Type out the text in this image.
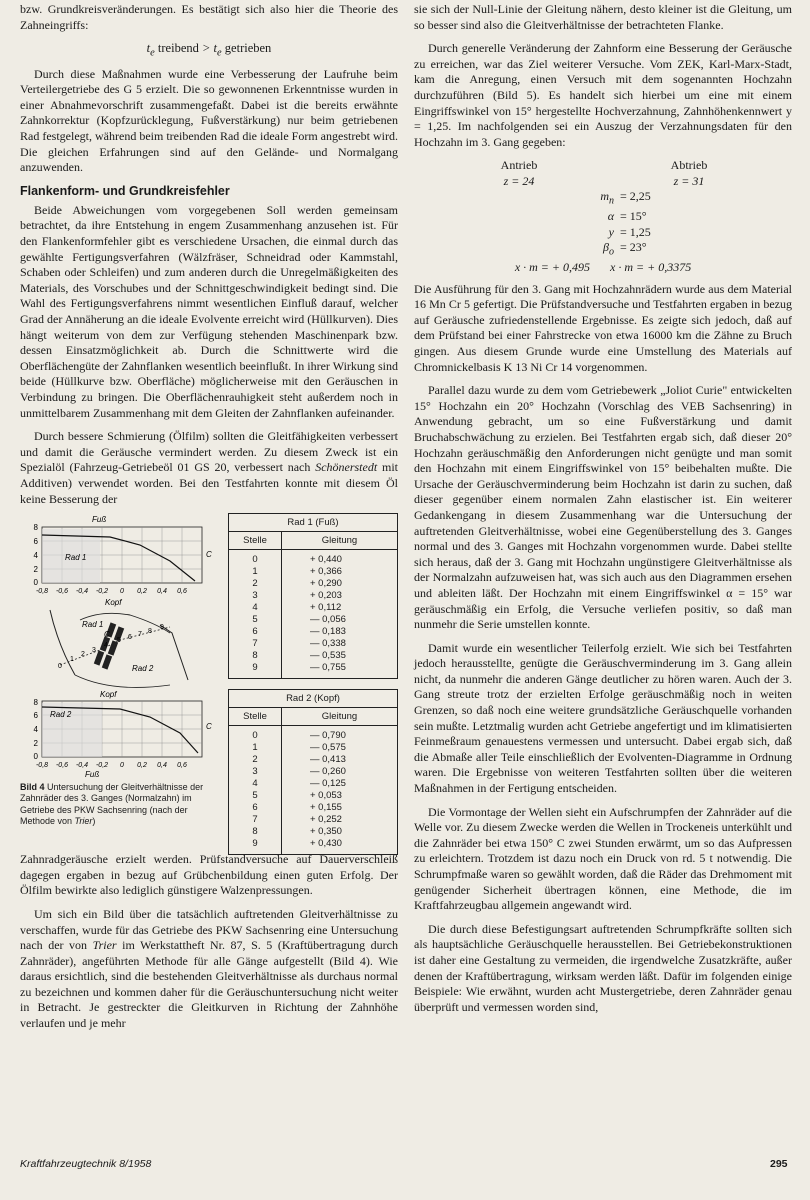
bzw. Grundkreisveränderungen. Es bestätigt sich also hier die Theorie des Zahneingriffs:

$t_e$ treibend > $t_e$ getrieben

Durch diese Maßnahmen wurde eine Verbesserung der Laufruhe beim Verteilergetriebe des G 5 erzielt. Die so gewonnenen Erkenntnisse wurden in einer Abnahmevorschrift zusammengefaßt. Dabei ist die bereits erwähnte Zahnkorrektur (Kopfzurücklegung, Fußverstärkung) nur beim getriebenen Rad festgelegt, während beim treibenden Rad die ideale Form angestrebt wird. Die gleichen Erfahrungen sind auf den Gelände- und Normalgang anzuwenden.

Flankenform- und Grundkreisfehler

Beide Abweichungen vom vorgegebenen Soll werden gemeinsam betrachtet, da ihre Entstehung in engem Zusammenhang anzusehen ist. Für den Flankenformfehler gibt es verschiedene Ursachen, die einmal durch das gewählte Fertigungsverfahren (Wälzfräser, Schneidrad oder Kammstahl, Schaben oder Schleifen) und zum anderen durch die Unregelmäßigkeiten des Materials, des Vorschubes und der Schnittgeschwindigkeit bedingt sind. Die Wahl des Fertigungsverfahrens nimmt wesentlichen Einfluß darauf, welcher Grad der Annäherung an die ideale Evolvente erreicht wird (Hüllkurven). Dies hängt weiterum von dem zur Verfügung stehenden Maschinenpark bzw. dessen Einsatzmöglichkeit ab. Durch die Schnittwerte wird die Oberflächengüte der Zahnflanken wesentlich beeinflußt. In ihrer Wirkung sind beide (Hüllkurve bzw. Oberfläche) möglicherweise mit den Geräuschen in Verbindung zu bringen. Die Oberflächenrauhigkeit steht außerdem noch in unmittelbarem Zusammenhang mit dem Gleiten der Zahnflanken aufeinander.

Durch bessere Schmierung (Ölfilm) sollten die Gleitfähigkeiten verbessert und damit die Geräusche vermindert werden. Zu diesem Zweck ist ein Spezialöl (Fahrzeug-Getriebeöl 01 GS 20, verbessert nach Schönerstedt mit Additiven) verwendet worden. Bei den Testfahrten konnte mit diesem Öl keine Besserung der

Fuß
Rad 1	C
8
6
4
2
0
-0,8 -0,6 -0,4 -0,2 0 0,2 0,4 0,6
Kopf
0
1
2
3
4
5 6 7 8
9
Rad 1
Rad 2
C
Kopf
Rad 2
C
8
6
4
2
0
-0,8 -0,6 -0,4 -0,2 0 0,2 0,4 0,6
Fuß
Bild 4 Untersuchung der Gleitverhältnisse der Zahnräder des 3. Ganges (Normalzahn) im Getriebe des PKW Sachsenring (nach der Methode von Trier)
Rad 1 (Fuß)	
Stelle	Gleitung

0	+ 0,440
1	+ 0,366
2	+ 0,290
3	+ 0,203
4	+ 0,112
5	— 0,056
6	— 0,183
7	— 0,338
8	— 0,535
9	— 0,755

Rad 2 (Kopf)	
Stelle	Gleitung

0	— 0,790
1	— 0,575
2	— 0,413
3	— 0,260
4	— 0,125
5	+ 0,053
6	+ 0,155
7	+ 0,252
8	+ 0,350
9	+ 0,430

Zahnradgeräusche erzielt werden. Prüfstandversuche auf Dauerverschleiß dagegen ergaben in bezug auf Grübchenbildung einen guten Erfolg. Der Ölfilm bewirkte also lediglich günstigere Walzenpressungen.

Um sich ein Bild über die tatsächlich auftretenden Gleitverhältnisse zu verschaffen, wurde für das Getriebe des PKW Sachsenring eine Untersuchung nach der von Trier im Werkstattheft Nr. 87, S. 5 (Kraftübertragung durch Zahnräder), angeführten Methode für alle Gänge aufgestellt (Bild 4). Wie daraus ersichtlich, sind die bestehenden Gleitverhältnisse als durchaus normal zu bezeichnen und kommen daher für die Geräuschuntersuchung nicht weiter in Betracht. Je gestreckter die Gleitkurven in Richtung der Zahnhöhe verlaufen und je mehr

sie sich der Null-Linie der Gleitung nähern, desto kleiner ist die Gleitung, um so besser sind also die Gleitverhältnisse der betrachteten Flanke.

Durch generelle Veränderung der Zahnform eine Besserung der Geräusche zu erreichen, war das Ziel weiterer Versuche. Vom ZEK, Karl-Marx-Stadt, kam die Anregung, einen Versuch mit dem sogenannten Hochzahn durchzuführen (Bild 5). Es handelt sich hierbei um eine mit einem Eingriffswinkel von 15° hergestellte Hochverzahnung, Zahnhöhenkennwert y = 1,25. Im nachfolgenden sei ein Auszug der Verzahnungsdaten für den Hochzahn im 3. Gang gegeben:

Antrieb	Abtrieb
z = 24	z = 31
$m_n = 2,25$
α = 15°
y = 1,25
$\beta_o = 23^\circ$
x · m = + 0,495 x · m = + 0,3375

Die Ausführung für den 3. Gang mit Hochzahnrädern wurde aus dem Material 16 Mn Cr 5 gefertigt. Die Prüfstandversuche und Testfahrten ergaben in bezug auf Geräusche zufriedenstellende Ergebnisse. Es zeigte sich jedoch, daß auf dem Prüfstand bei einer Fahrstrecke von etwa 16000 km die Zähne zu Bruch gingen. Aus diesem Grunde wurde eine Umstellung des Materials auf Chromnickelbasis K 13 Ni Cr 14 vorgenommen.

Parallel dazu wurde zu dem vom Getriebewerk „Joliot Curie" entwickelten 15° Hochzahn ein 20° Hochzahn (Vorschlag des VEB Sachsenring) in Anwendung gebracht, um so eine Fußverstärkung und damit Bruchabschwächung zu erzielen. Bei Testfahrten ergab sich, daß dieser 20° Hochzahn geräuschmäßig den Anforderungen nicht genügte und man somit den Hochzahn mit einem Eingriffswinkel von 15° beibehalten mußte. Die Ursache der Geräuschverminderung beim Hochzahn ist darin zu suchen, daß dieser gegenüber einem normalen Zahn elastischer ist. Ein weiterer Gedankengang in diesem Zusammenhang war die Untersuchung der auftretenden Gleitverhältnisse, wobei eine Gegenüberstellung des 3. Ganges normal und des 3. Ganges mit Hochzahn vorgenommen wurde. Dabei stellte sich heraus, daß der 3. Gang mit Hochzahn ungünstigere Gleitverhältnisse als der Normalzahn aufzuweisen hat, was sich auch aus den Diagrammen ersehen und ableiten läßt. Der Hochzahn mit einem Eingriffswinkel α = 15° war geräuschmäßig ein Erfolg, die Versuche verliefen positiv, so daß man nunmehr die Serie umstellen konnte.

Damit wurde ein wesentlicher Teilerfolg erzielt. Wie sich bei Testfahrten jedoch herausstellte, genügte die Geräuschverminderung im 3. Gang allein nicht, da nunmehr die anderen Gänge deutlicher zu hören waren. Auch der 3. Gang streute trotz der erzielten Erfolge geräuschmäßig noch in weiten Grenzen, so daß noch eine weitere grundsätzliche Geräuschquelle vorhanden sein mußte. Letztmalig wurden acht Getriebe angefertigt und im klimatisierten Feinmeßraum genauestens vermessen und untersucht. Dabei ergab sich, daß die Abmaße aller Teile einschließlich der Evolventen-Diagramme in Ordnung waren. Die Ergebnisse von weiteren Testfahrten sollten über die weiteren Maßnahmen in der Fertigung entscheiden.

Die Vormontage der Wellen sieht ein Aufschrumpfen der Zahnräder auf die Welle vor. Zu diesem Zwecke werden die Wellen in Trockeneis unterkühlt und die Zahnräder bei etwa 150° C zwei Stunden erwärmt, um so das Aufpressen zu erleichtern. Trotzdem ist dazu noch ein Druck von rd. 5 t notwendig. Die Schrumpfmaße waren so gewählt worden, daß die Räder das Drehmoment mit genügender Sicherheit übertragen können, eine Methode, die im Kraftfahrzeugbau allgemein angewandt wird.

Die durch diese Befestigungsart auftretenden Schrumpfkräfte sollten sich als hauptsächliche Geräuschquelle herausstellen. Bei Getriebekonstruktionen ist daher eine Gestaltung zu vermeiden, die irgendwelche Zusatzkräfte, außer denen der Kraftübertragung, wirksam werden läßt. Dafür im folgenden einige Beispiele: Wie erwähnt, wurden acht Mustergetriebe, deren Zahnräder genau überprüft und vermessen worden sind,

Kraftfahrzeugtechnik 8/1958	295
